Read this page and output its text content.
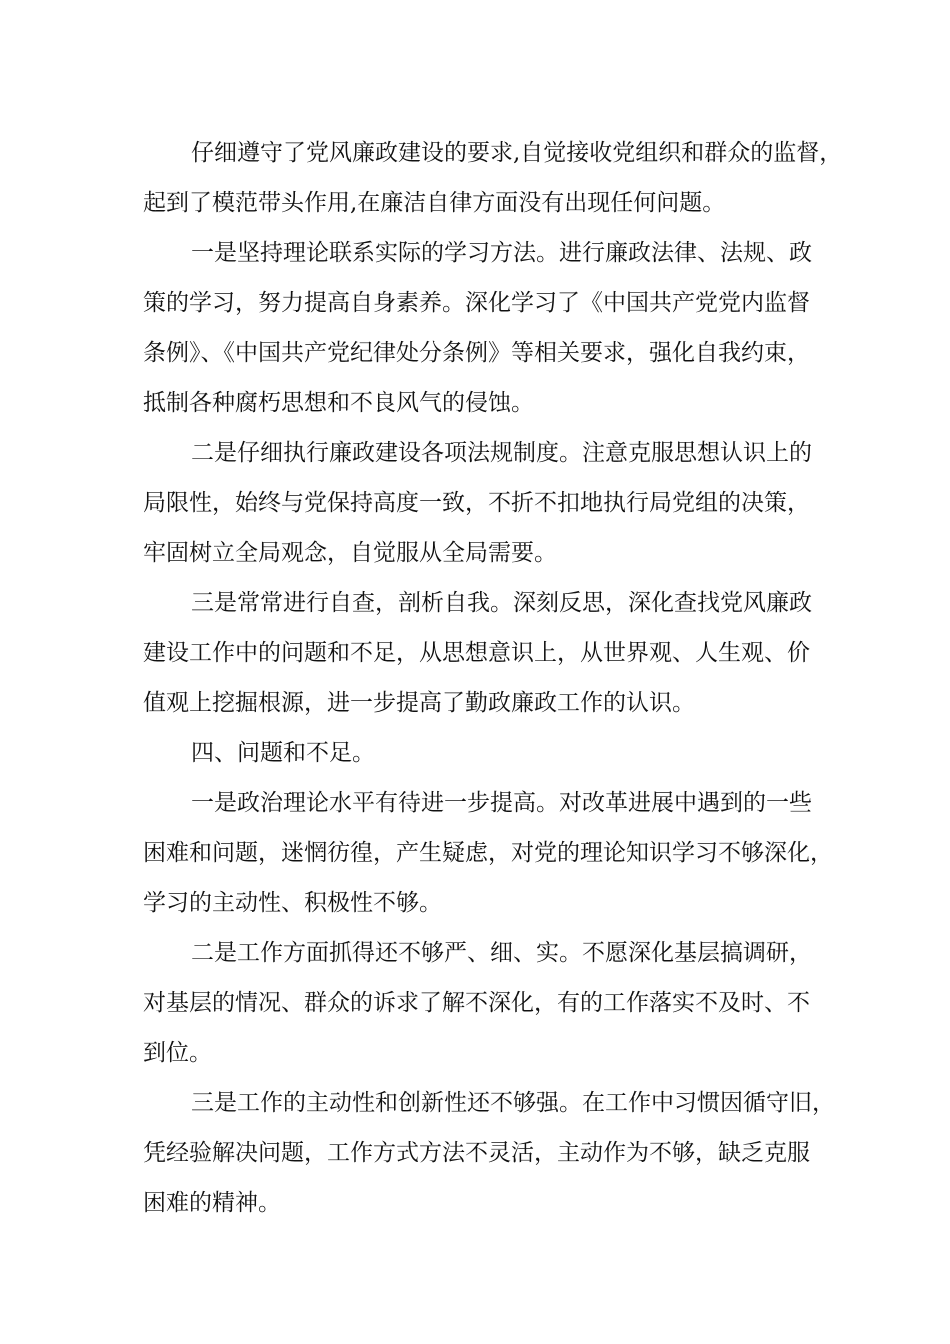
仔细遵守了党风廉政建设的要求,自觉接收党组织和群众的监督，
起到了模范带头作用,在廉洁自律方面没有出现任何问题。
一是坚持理论联系实际的学习方法。进行廉政法律、法规、政
策的学习，努力提高自身素养。深化学习了《中国共产党党内监督
条例》、《中国共产党纪律处分条例》等相关要求，强化自我约束，
抵制各种腐朽思想和不良风气的侵蚀。
二是仔细执行廉政建设各项法规制度。注意克服思想认识上的
局限性，始终与党保持高度一致，不折不扣地执行局党组的决策，
牢固树立全局观念，自觉服从全局需要。
三是常常进行自查，剖析自我。深刻反思，深化查找党风廉政
建设工作中的问题和不足，从思想意识上，从世界观、人生观、价
值观上挖掘根源，进一步提高了勤政廉政工作的认识。
四、问题和不足。
一是政治理论水平有待进一步提高。对改革进展中遇到的一些
困难和问题，迷惘彷徨，产生疑虑，对党的理论知识学习不够深化，
学习的主动性、积极性不够。
二是工作方面抓得还不够严、细、实。不愿深化基层搞调研，
对基层的情况、群众的诉求了解不深化，有的工作落实不及时、不
到位。
三是工作的主动性和创新性还不够强。在工作中习惯因循守旧，
凭经验解决问题，工作方式方法不灵活，主动作为不够，缺乏克服
困难的精神。
